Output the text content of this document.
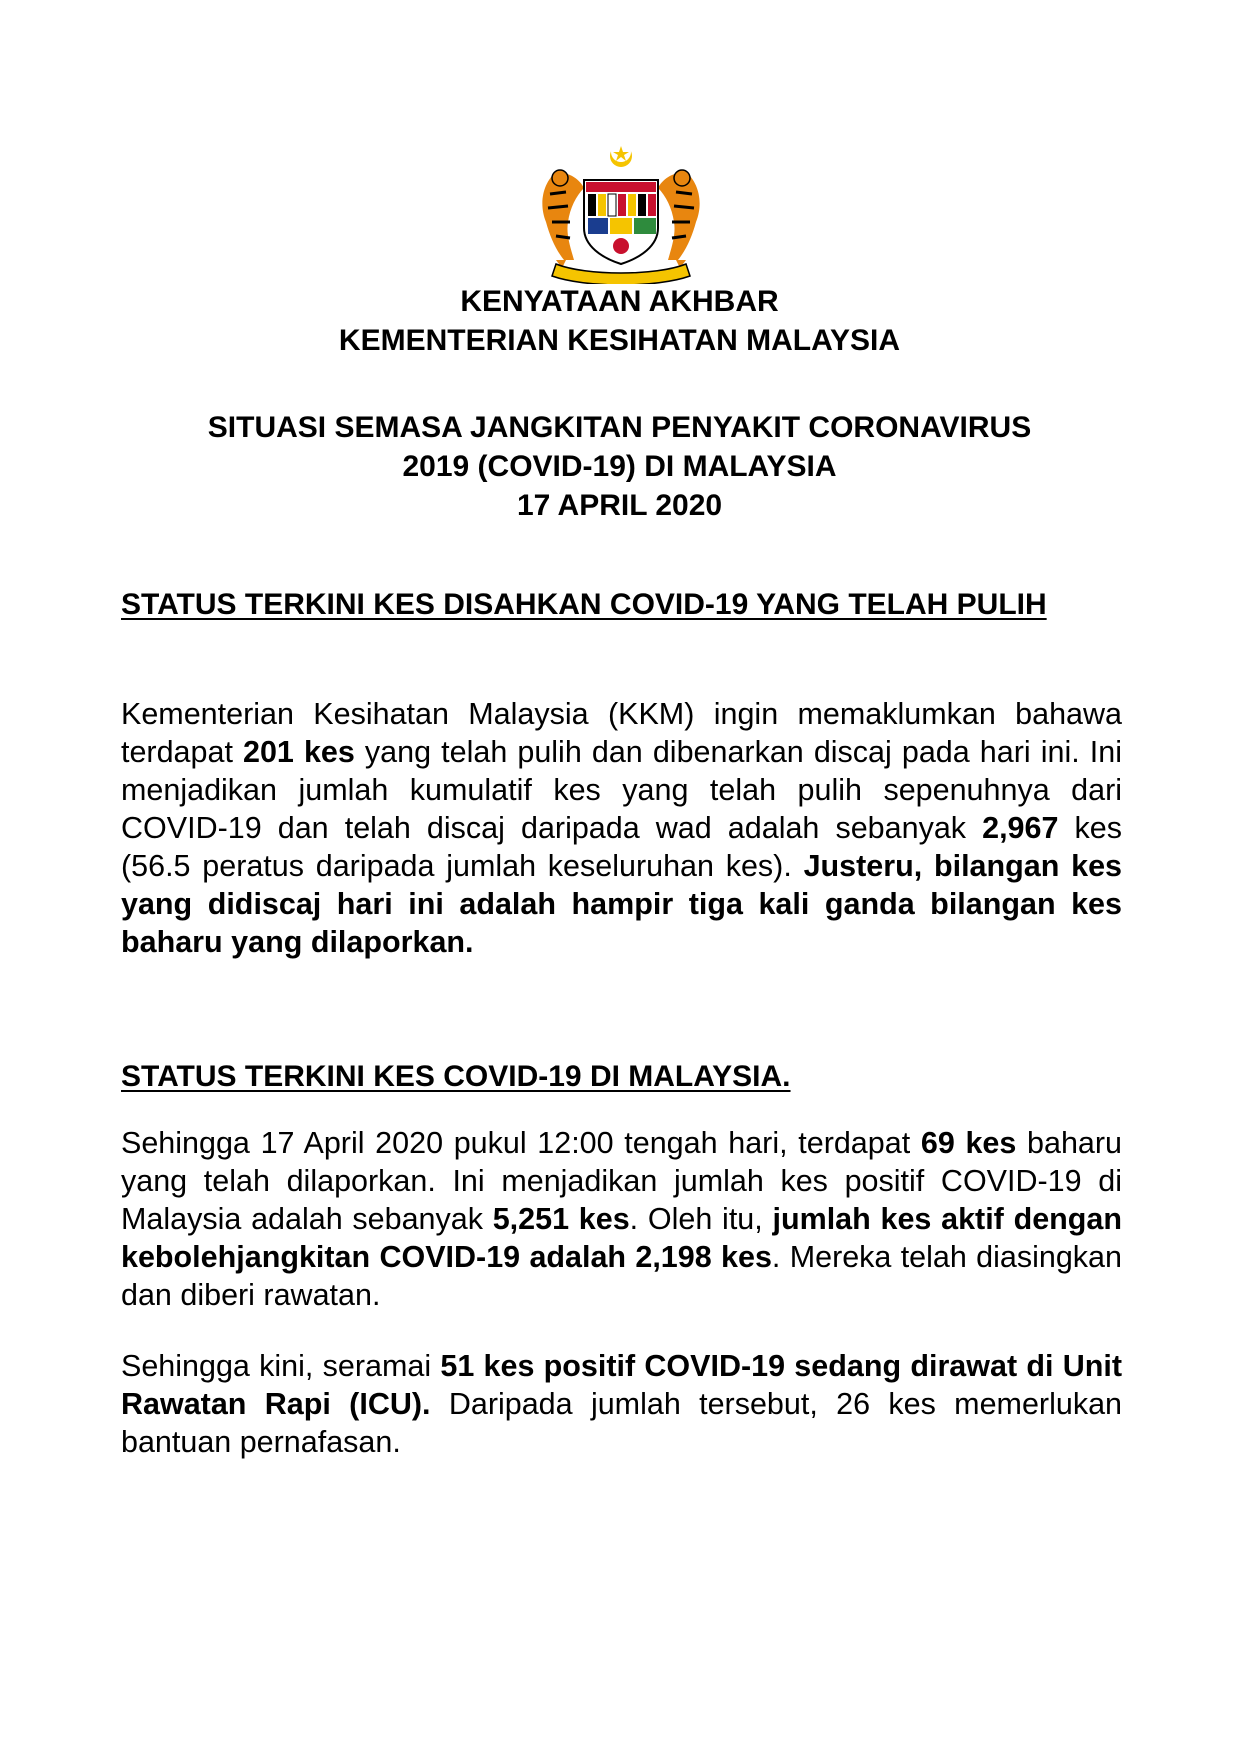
KENYATAAN AKHBAR
KEMENTERIAN KESIHATAN MALAYSIA
SITUASI SEMASA JANGKITAN PENYAKIT CORONAVIRUS
2019 (COVID-19) DI MALAYSIA
17 APRIL 2020
STATUS TERKINI KES DISAHKAN COVID-19 YANG TELAH PULIH
Kementerian Kesihatan Malaysia (KKM) ingin memaklumkan bahawa terdapat 201 kes yang telah pulih dan dibenarkan discaj pada hari ini. Ini menjadikan jumlah kumulatif kes yang telah pulih sepenuhnya dari COVID-19 dan telah discaj daripada wad adalah sebanyak 2,967 kes (56.5 peratus daripada jumlah keseluruhan kes). Justeru, bilangan kes yang didiscaj hari ini adalah hampir tiga kali ganda bilangan kes baharu yang dilaporkan.
STATUS TERKINI KES COVID-19 DI MALAYSIA.
Sehingga 17 April 2020 pukul 12:00 tengah hari, terdapat 69 kes baharu yang telah dilaporkan. Ini menjadikan jumlah kes positif COVID-19 di Malaysia adalah sebanyak 5,251 kes. Oleh itu, jumlah kes aktif dengan kebolehjangkitan COVID-19 adalah 2,198 kes. Mereka telah diasingkan dan diberi rawatan.
Sehingga kini, seramai 51 kes positif COVID-19 sedang dirawat di Unit Rawatan Rapi (ICU). Daripada jumlah tersebut, 26 kes memerlukan bantuan pernafasan.
